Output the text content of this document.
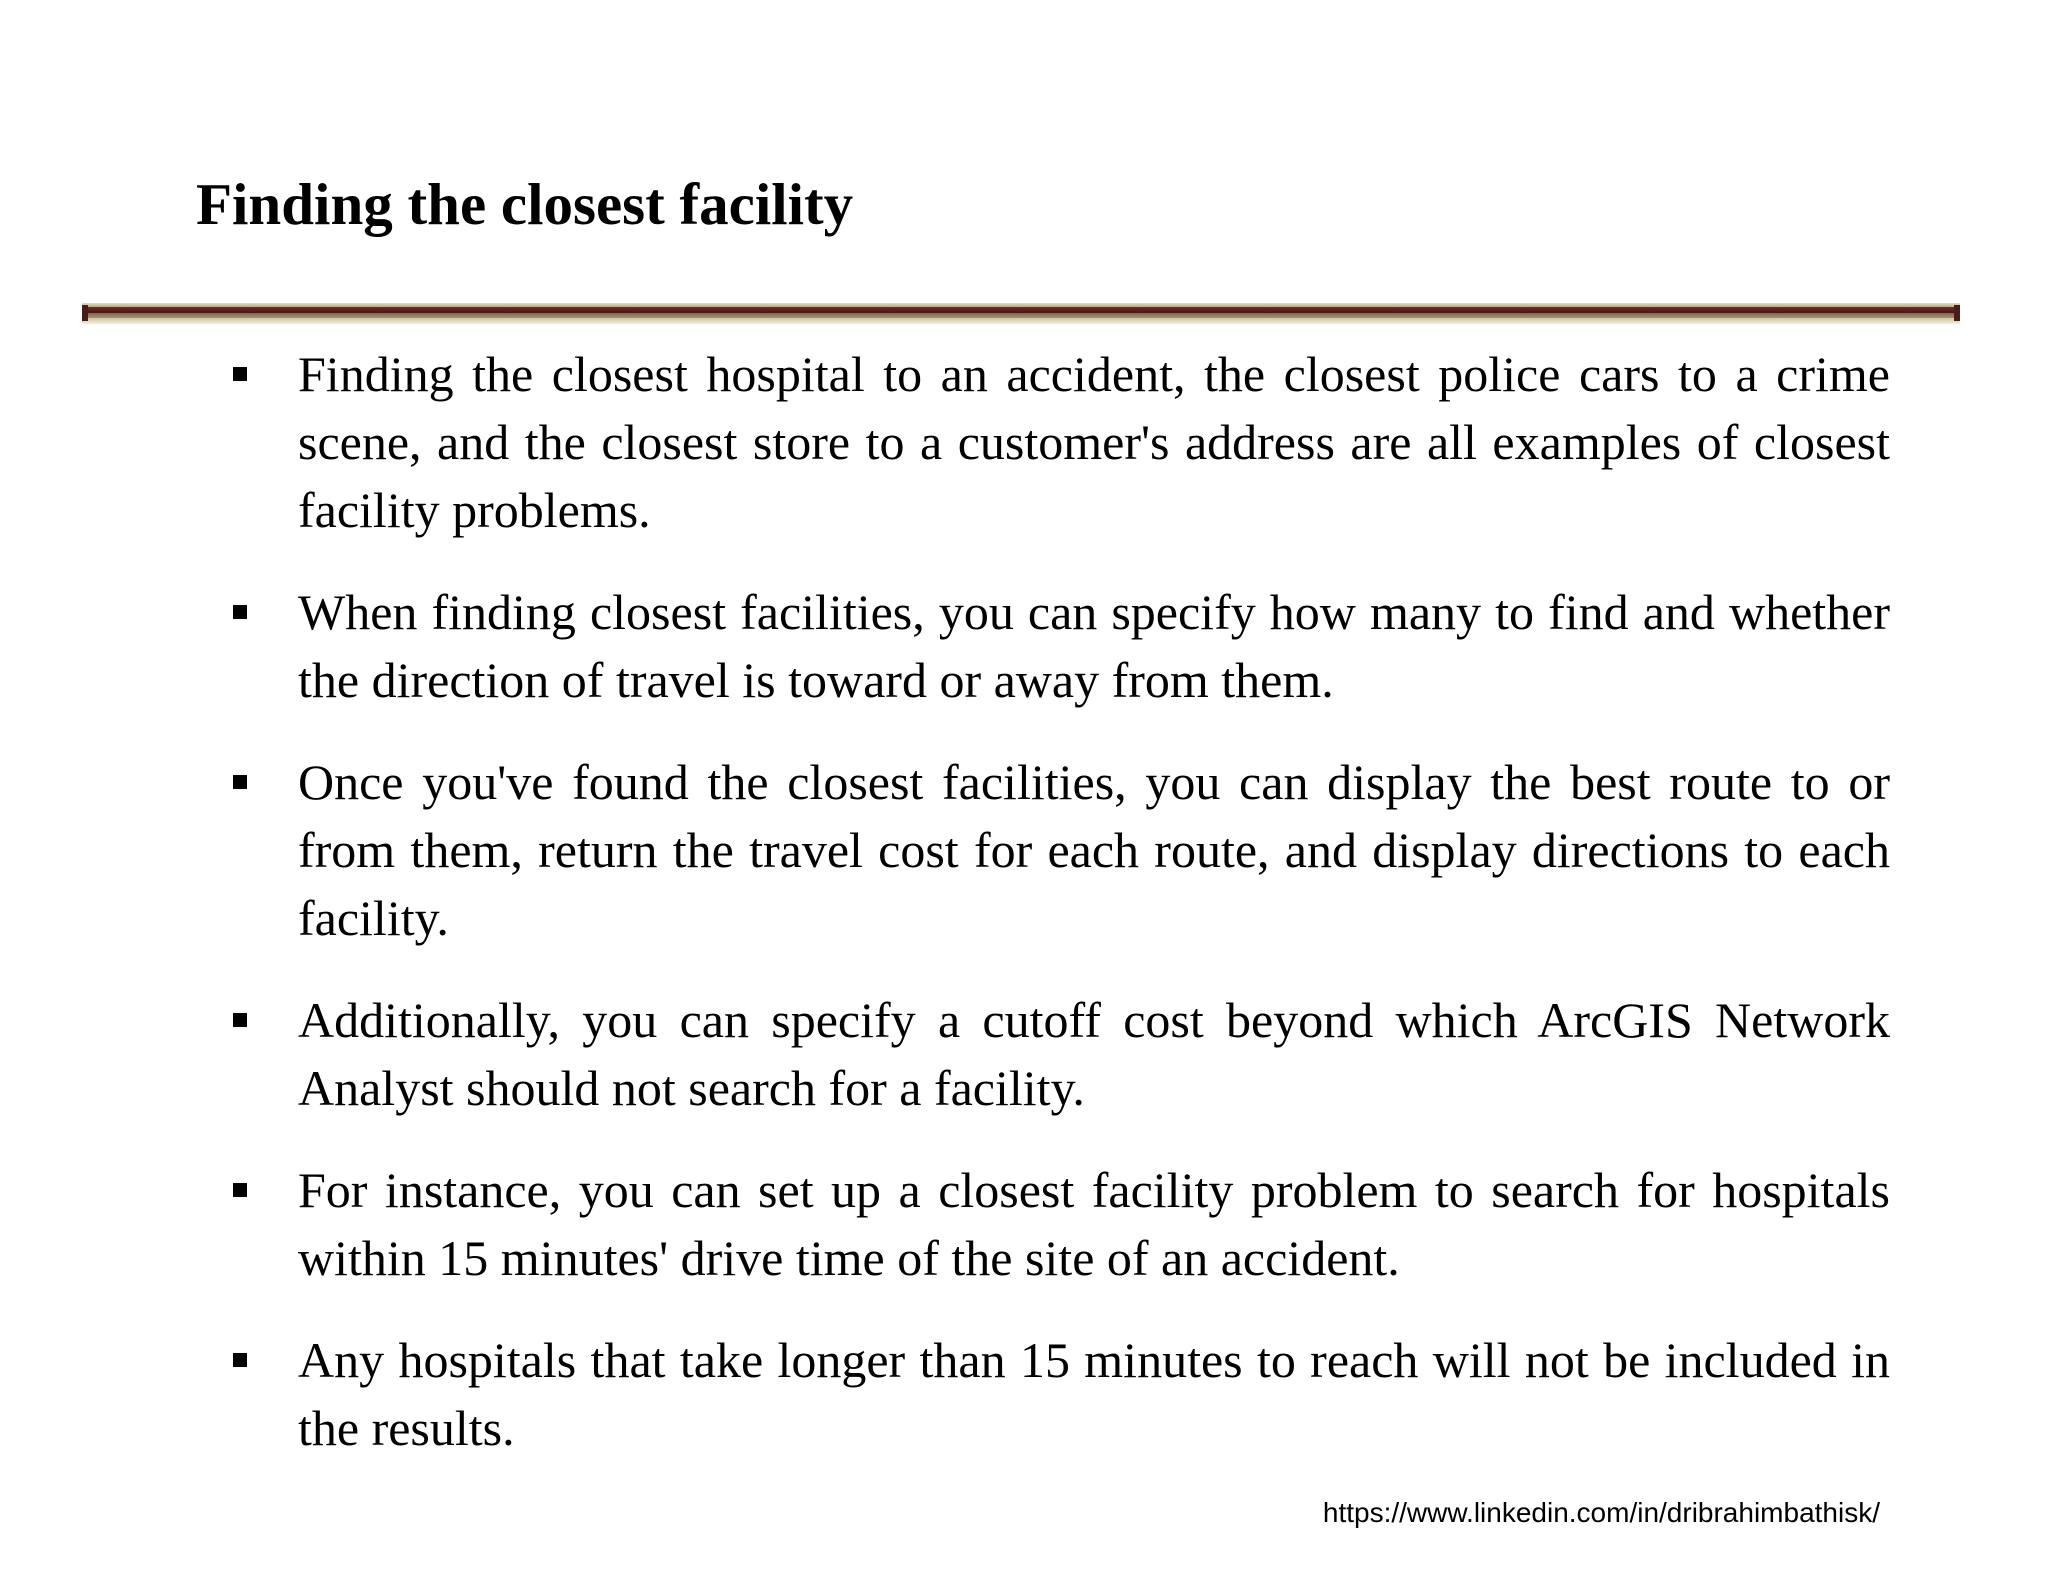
Finding the closest facility
Finding the closest hospital to an accident, the closest police cars to a crime scene, and the closest store to a customer's address are all examples of closest facility problems.
When finding closest facilities, you can specify how many to find and whether the direction of travel is toward or away from them.
Once you've found the closest facilities, you can display the best route to or from them, return the travel cost for each route, and display directions to each facility.
Additionally, you can specify a cutoff cost beyond which ArcGIS Network Analyst should not search for a facility.
For instance, you can set up a closest facility problem to search for hospitals within 15 minutes' drive time of the site of an accident.
Any hospitals that take longer than 15 minutes to reach will not be included in the results.
https://www.linkedin.com/in/dribrahimbathisk/
